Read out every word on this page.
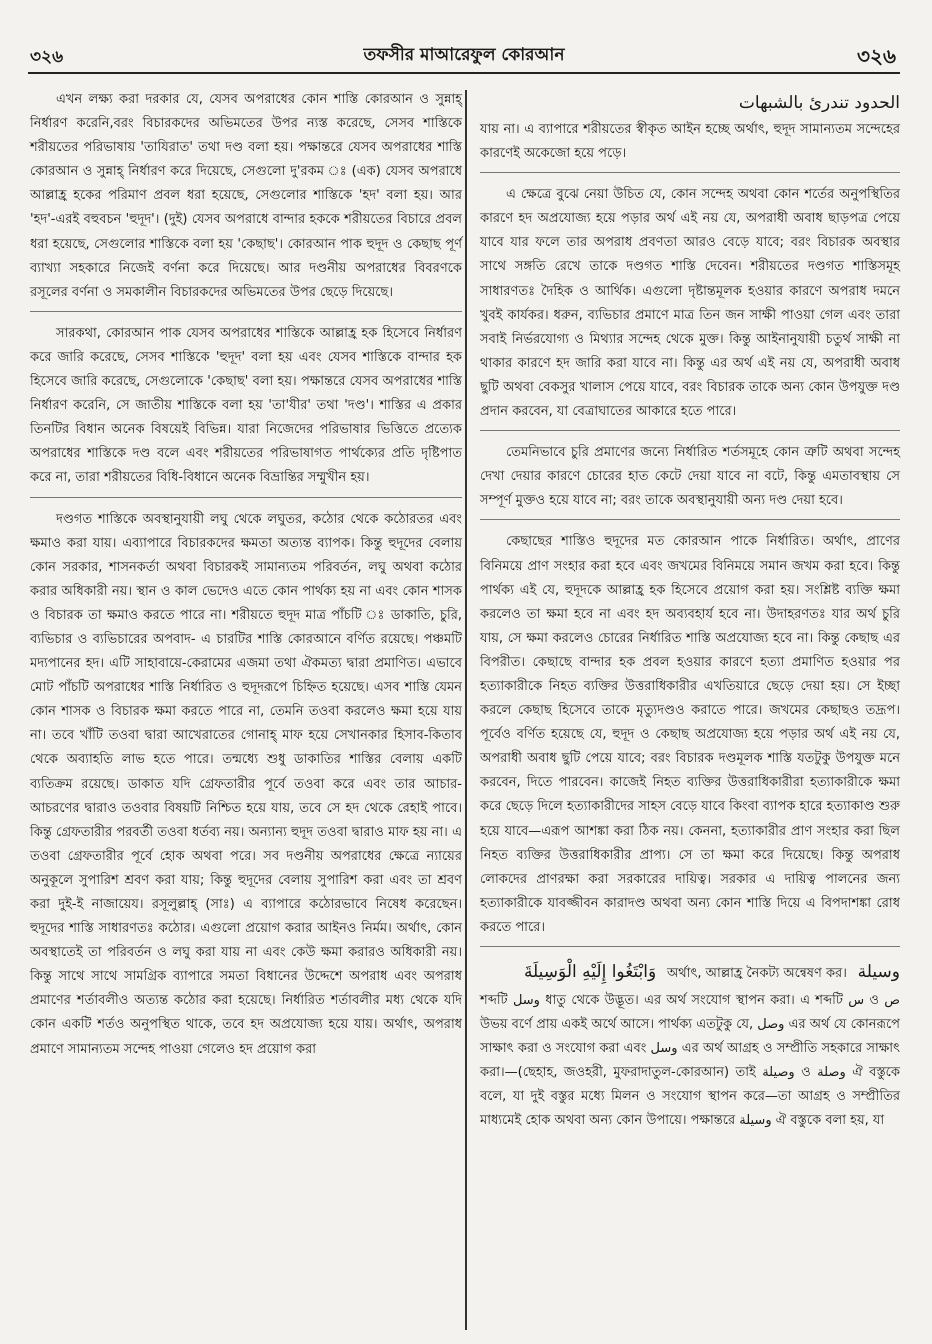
৩২৬	তফসীর মাআরেফুল কোরআন	৩২৬

এখন লক্ষ্য করা দরকার যে, যেসব অপরাধের কোন শাস্তি কোরআন ও সুন্নাহ্ নির্ধারণ করেনি,বরং বিচারকদের অভিমতের উপর ন্যস্ত করেছে, সেসব শাস্তিকে শরীয়তের পরিভাষায় 'তাযিরাত' তথা দণ্ড বলা হয়। পক্ষান্তরে যেসব অপরাধের শাস্তি কোরআন ও সুন্নাহ্ নির্ধারণ করে দিয়েছে, সেগুলো দু'রকম ঃ (এক) যেসব অপরাধে আল্লাহ্র হকের পরিমাণ প্রবল ধরা হয়েছে, সেগুলোর শাস্তিকে 'হদ' বলা হয়। আর 'হদ'-এরই বহুবচন 'হুদূদ'। (দুই) যেসব অপরাধে বান্দার হককে শরীয়তের বিচারে প্রবল ধরা হয়েছে, সেগুলোর শাস্তিকে বলা হয় 'কেছাছ'। কোরআন পাক হুদূদ ও কেছাছ পূর্ণ ব্যাখ্যা সহকারে নিজেই বর্ণনা করে দিয়েছে। আর দণ্ডনীয় অপরাধের বিবরণকে রসূলের বর্ণনা ও সমকালীন বিচারকদের অভিমতের উপর ছেড়ে দিয়েছে।

সারকথা, কোরআন পাক যেসব অপরাধের শাস্তিকে আল্লাহ্র হক হিসেবে নির্ধারণ করে জারি করেছে, সেসব শাস্তিকে 'হুদূদ' বলা হয় এবং যেসব শাস্তিকে বান্দার হক হিসেবে জারি করেছে, সেগুলোকে 'কেছাছ' বলা হয়। পক্ষান্তরে যেসব অপরাধের শাস্তি নির্ধারণ করেনি, সে জাতীয় শাস্তিকে বলা হয় 'তা'যীর' তথা 'দণ্ড'। শাস্তির এ প্রকার তিনটির বিধান অনেক বিষয়েই বিভিন্ন। যারা নিজেদের পরিভাষার ভিত্তিতে প্রত্যেক অপরাধের শাস্তিকে দণ্ড বলে এবং শরীয়তের পরিভাষাগত পার্থক্যের প্রতি দৃষ্টিপাত করে না, তারা শরীয়তের বিধি-বিধানে অনেক বিভ্রান্তির সম্মুখীন হয়।

দণ্ডগত শাস্তিকে অবস্থানুযায়ী লঘু থেকে লঘুতর, কঠোর থেকে কঠোরতর এবং ক্ষমাও করা যায়। এব্যাপারে বিচারকদের ক্ষমতা অত্যন্ত ব্যাপক। কিন্তু হুদূদের বেলায় কোন সরকার, শাসনকর্তা অথবা বিচারকই সামান্যতম পরিবর্তন, লঘু অথবা কঠোর করার অধিকারী নয়। স্থান ও কাল ভেদেও এতে কোন পার্থক্য হয় না এবং কোন শাসক ও বিচারক তা ক্ষমাও করতে পারে না। শরীয়তে হুদূদ মাত্র পাঁচটি ঃ ডাকাতি, চুরি, ব্যভিচার ও ব্যভিচারের অপবাদ- এ চারটির শাস্তি কোরআনে বর্ণিত রয়েছে। পঞ্চমটি মদ্যপানের হদ। এটি সাহাবায়ে-কেরামের এজমা তথা ঐকমত্য দ্বারা প্রমাণিত। এভাবে মোট পাঁচটি অপরাধের শাস্তি নির্ধারিত ও হুদূদরূপে চিহ্নিত হয়েছে। এসব শাস্তি যেমন কোন শাসক ও বিচারক ক্ষমা করতে পারে না, তেমনি তওবা করলেও ক্ষমা হয়ে যায় না। তবে খাঁটি তওবা দ্বারা আখেরাতের গোনাহ্ মাফ হয়ে সেখানকার হিসাব-কিতাব থেকে অব্যাহতি লাভ হতে পারে। তন্মধ্যে শুধু ডাকাতির শাস্তির বেলায় একটি ব্যতিক্রম রয়েছে। ডাকাত যদি গ্রেফতারীর পূর্বে তওবা করে এবং তার আচার-আচরণের দ্বারাও তওবার বিষয়টি নিশ্চিত হয়ে যায়, তবে সে হদ থেকে রেহাই পাবে। কিন্তু গ্রেফতারীর পরবর্তী তওবা ধর্তব্য নয়। অন্যান্য হুদূদ তওবা দ্বারাও মাফ হয় না। এ তওবা গ্রেফতারীর পূর্বে হোক অথবা পরে। সব দণ্ডনীয় অপরাধের ক্ষেত্রে ন্যায়ের অনুকূলে সুপারিশ শ্রবণ করা যায়; কিন্তু হুদূদের বেলায় সুপারিশ করা এবং তা শ্রবণ করা দুই-ই নাজায়েয। রসূলুল্লাহ্ (সাঃ) এ ব্যাপারে কঠোরভাবে নিষেধ করেছেন। হুদূদের শাস্তি সাধারণতঃ কঠোর। এগুলো প্রয়োগ করার আইনও নির্মম। অর্থাৎ, কোন অবস্থাতেই তা পরিবর্তন ও লঘু করা যায় না এবং কেউ ক্ষমা করারও অধিকারী নয়। কিন্তু সাথে সাথে সামগ্রিক ব্যাপারে সমতা বিধানের উদ্দেশে অপরাধ এবং অপরাধ প্রমাণের শর্তাবলীও অত্যন্ত কঠোর করা হয়েছে। নির্ধারিত শর্তাবলীর মধ্য থেকে যদি কোন একটি শর্তও অনুপস্থিত থাকে, তবে হদ অপ্রযোজ্য হয়ে যায়। অর্থাৎ, অপরাধ প্রমাণে সামান্যতম সন্দেহ পাওয়া গেলেও হদ প্রয়োগ করা

الحدود تندرئ بالشبهات

যায় না। এ ব্যাপারে শরীয়তের স্বীকৃত আইন হচ্ছে অর্থাৎ, হুদূদ সামান্যতম সন্দেহের কারণেই অকেজো হয়ে পড়ে।

এ ক্ষেত্রে বুঝে নেয়া উচিত যে, কোন সন্দেহ অথবা কোন শর্তের অনুপস্থিতির কারণে হদ অপ্রযোজ্য হয়ে পড়ার অর্থ এই নয় যে, অপরাধী অবাধ ছাড়পত্র পেয়ে যাবে যার ফলে তার অপরাধ প্রবণতা আরও বেড়ে যাবে; বরং বিচারক অবস্থার সাথে সঙ্গতি রেখে তাকে দণ্ডগত শাস্তি দেবেন। শরীয়তের দণ্ডগত শাস্তিসমূহ সাধারণতঃ দৈহিক ও আর্থিক। এগুলো দৃষ্টান্তমূলক হওয়ার কারণে অপরাধ দমনে খুবই কার্যকর। ধরুন, ব্যভিচার প্রমাণে মাত্র তিন জন সাক্ষী পাওয়া গেল এবং তারা সবাই নির্ভরযোগ্য ও মিথ্যার সন্দেহ থেকে মুক্ত। কিন্তু আইনানুযায়ী চতুর্থ সাক্ষী না থাকার কারণে হদ জারি করা যাবে না। কিন্তু এর অর্থ এই নয় যে, অপরাধী অবাধ ছুটি অথবা বেকসুর খালাস পেয়ে যাবে, বরং বিচারক তাকে অন্য কোন উপযুক্ত দণ্ড প্রদান করবেন, যা বেত্রাঘাতের আকারে হতে পারে।

তেমনিভাবে চুরি প্রমাণের জন্যে নির্ধারিত শর্তসমূহে কোন ত্রুটি অথবা সন্দেহ দেখা দেয়ার কারণে চোরের হাত কেটে দেয়া যাবে না বটে, কিন্তু এমতাবস্থায় সে সম্পূর্ণ মুক্তও হয়ে যাবে না; বরং তাকে অবস্থানুযায়ী অন্য দণ্ড দেয়া হবে।

কেছাছের শাস্তিও হুদূদের মত কোরআন পাকে নির্ধারিত। অর্থাৎ, প্রাণের বিনিময়ে প্রাণ সংহার করা হবে এবং জখমের বিনিময়ে সমান জখম করা হবে। কিন্তু পার্থক্য এই যে, হুদূদকে আল্লাহ্র হক হিসেবে প্রয়োগ করা হয়। সংশ্লিষ্ট ব্যক্তি ক্ষমা করলেও তা ক্ষমা হবে না এবং হদ অব্যবহার্য হবে না। উদাহরণতঃ যার অর্থ চুরি যায়, সে ক্ষমা করলেও চোরের নির্ধারিত শাস্তি অপ্রযোজ্য হবে না। কিন্তু কেছাছ এর বিপরীত। কেছাছে বান্দার হক প্রবল হওয়ার কারণে হত্যা প্রমাণিত হওয়ার পর হত্যাকারীকে নিহত ব্যক্তির উত্তরাধিকারীর এখতিয়ারে ছেড়ে দেয়া হয়। সে ইচ্ছা করলে কেছাছ হিসেবে তাকে মৃত্যুদণ্ডও করাতে পারে। জখমের কেছাছও তদ্রূপ। পূর্বেও বর্ণিত হয়েছে যে, হুদূদ ও কেছাছ অপ্রযোজ্য হয়ে পড়ার অর্থ এই নয় যে, অপরাধী অবাধ ছুটি পেয়ে যাবে; বরং বিচারক দণ্ডমূলক শাস্তি যতটুকু উপযুক্ত মনে করবেন, দিতে পারবেন। কাজেই নিহত ব্যক্তির উত্তরাধিকারীরা হত্যাকারীকে ক্ষমা করে ছেড়ে দিলে হত্যাকারীদের সাহস বেড়ে যাবে কিংবা ব্যাপক হারে হত্যাকাণ্ড শুরু হয়ে যাবে—এরূপ আশঙ্কা করা ঠিক নয়। কেননা, হত্যাকারীর প্রাণ সংহার করা ছিল নিহত ব্যক্তির উত্তরাধিকারীর প্রাপ্য। সে তা ক্ষমা করে দিয়েছে। কিন্তু অপরাধ লোকদের প্রাণরক্ষা করা সরকারের দায়িত্ব। সরকার এ দায়িত্ব পালনের জন্য হত্যাকারীকে যাবজ্জীবন কারাদণ্ড অথবা অন্য কোন শাস্তি দিয়ে এ বিপদাশঙ্কা রোধ করতে পারে।

وسيلة  অর্থাৎ, আল্লাহ্র নৈকট্য অন্বেষণ কর।  وَابْتَغُوا إِلَيْهِ الْوَسِيلَةَ

শব্দটি وسل ধাতু থেকে উদ্ভূত। এর অর্থ সংযোগ স্থাপন করা। এ শব্দটি س ও ص উভয় বর্ণে প্রায় একই অর্থে আসে। পার্থক্য এতটুকু যে, وصل এর অর্থ যে কোনরূপে সাক্ষাৎ করা ও সংযোগ করা এবং وسل এর অর্থ আগ্রহ ও সম্প্রীতি সহকারে সাক্ষাৎ করা।—(ছেহাহ, জওহরী, মুফরাদাতুল-কোরআন) তাই وصيلة ও وصلة ঐ বস্তুকে বলে, যা দুই বস্তুর মধ্যে মিলন ও সংযোগ স্থাপন করে—তা আগ্রহ ও সম্প্রীতির মাধ্যমেই হোক অথবা অন্য কোন উপায়ে। পক্ষান্তরে وسيلة ঐ বস্তুকে বলা হয়, যা
